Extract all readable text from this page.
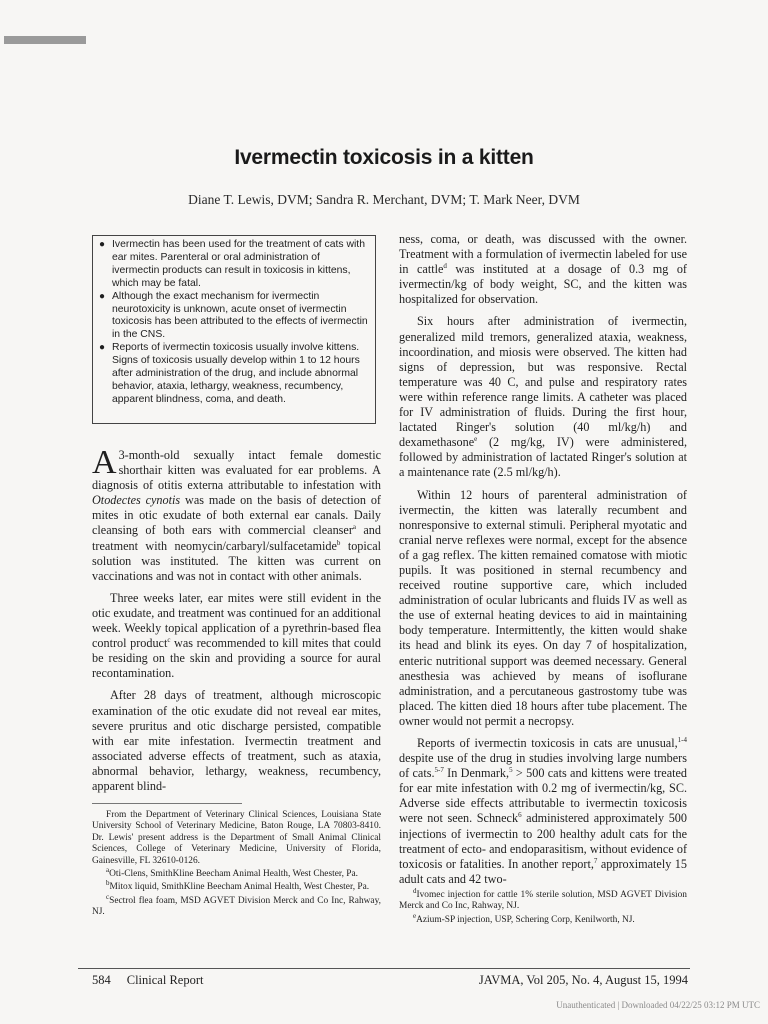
Ivermectin toxicosis in a kitten
Diane T. Lewis, DVM; Sandra R. Merchant, DVM; T. Mark Neer, DVM
● Ivermectin has been used for the treatment of cats with ear mites. Parenteral or oral administration of ivermectin products can result in toxicosis in kittens, which may be fatal.
● Although the exact mechanism for ivermectin neurotoxicity is unknown, acute onset of ivermectin toxicosis has been attributed to the effects of ivermectin in the CNS.
● Reports of ivermectin toxicosis usually involve kittens. Signs of toxicosis usually develop within 1 to 12 hours after administration of the drug, and include abnormal behavior, ataxia, lethargy, weakness, recumbency, apparent blindness, coma, and death.

A 3-month-old sexually intact female domestic shorthair kitten was evaluated for ear problems. A diagnosis of otitis externa attributable to infestation with Otodectes cynotis was made on the basis of detection of mites in otic exudate of both external ear canals. Daily cleansing of both ears with commercial cleanser$^a$ and treatment with neomycin/carbaryl/sulfacetamide$^b$ topical solution was instituted. The kitten was current on vaccinations and was not in contact with other animals.

Three weeks later, ear mites were still evident in the otic exudate, and treatment was continued for an additional week. Weekly topical application of a pyrethrin-based flea control product$^c$ was recommended to kill mites that could be residing on the skin and providing a source for aural recontamination.

After 28 days of treatment, although microscopic examination of the otic exudate did not reveal ear mites, severe pruritus and otic discharge persisted, compatible with ear mite infestation. Ivermectin treatment and associated adverse effects of treatment, such as ataxia, abnormal behavior, lethargy, weakness, recumbency, apparent blind-

From the Department of Veterinary Clinical Sciences, Louisiana State University School of Veterinary Medicine, Baton Rouge, LA 70803-8410. Dr. Lewis' present address is the Department of Small Animal Clinical Sciences, College of Veterinary Medicine, University of Florida, Gainesville, FL 32610-0126.

$^a$Oti-Clens, SmithKline Beecham Animal Health, West Chester, Pa.

$^b$Mitox liquid, SmithKline Beecham Animal Health, West Chester, Pa.

$^c$Sectrol flea foam, MSD AGVET Division Merck and Co Inc, Rahway, NJ.

ness, coma, or death, was discussed with the owner. Treatment with a formulation of ivermectin labeled for use in cattle$^d$ was instituted at a dosage of 0.3 mg of ivermectin/kg of body weight, SC, and the kitten was hospitalized for observation.

Six hours after administration of ivermectin, generalized mild tremors, generalized ataxia, weakness, incoordination, and miosis were observed. The kitten had signs of depression, but was responsive. Rectal temperature was 40 C, and pulse and respiratory rates were within reference range limits. A catheter was placed for IV administration of fluids. During the first hour, lactated Ringer's solution (40 ml/kg/h) and dexamethasone$^e$ (2 mg/kg, IV) were administered, followed by administration of lactated Ringer's solution at a maintenance rate (2.5 ml/kg/h).

Within 12 hours of parenteral administration of ivermectin, the kitten was laterally recumbent and nonresponsive to external stimuli. Peripheral myotatic and cranial nerve reflexes were normal, except for the absence of a gag reflex. The kitten remained comatose with miotic pupils. It was positioned in sternal recumbency and received routine supportive care, which included administration of ocular lubricants and fluids IV as well as the use of external heating devices to aid in maintaining body temperature. Intermittently, the kitten would shake its head and blink its eyes. On day 7 of hospitalization, enteric nutritional support was deemed necessary. General anesthesia was achieved by means of isoflurane administration, and a percutaneous gastrostomy tube was placed. The kitten died 18 hours after tube placement. The owner would not permit a necropsy.

Reports of ivermectin toxicosis in cats are unusual,$^{1-4}$ despite use of the drug in studies involving large numbers of cats.$^{5-7}$ In Denmark,$^5$ > 500 cats and kittens were treated for ear mite infestation with 0.2 mg of ivermectin/kg, SC. Adverse side effects attributable to ivermectin toxicosis were not seen. Schneck$^6$ administered approximately 500 injections of ivermectin to 200 healthy adult cats for the treatment of ecto- and endoparasitism, without evidence of toxicosis or fatalities. In another report,$^7$ approximately 15 adult cats and 42 two-

$^d$Ivomec injection for cattle 1% sterile solution, MSD AGVET Division Merck and Co Inc, Rahway, NJ.

$^e$Azium-SP injection, USP, Schering Corp, Kenilworth, NJ.

584 Clinical Report	JAVMA, Vol 205, No. 4, August 15, 1994
Unauthenticated | Downloaded 04/22/25 03:12 PM UTC
